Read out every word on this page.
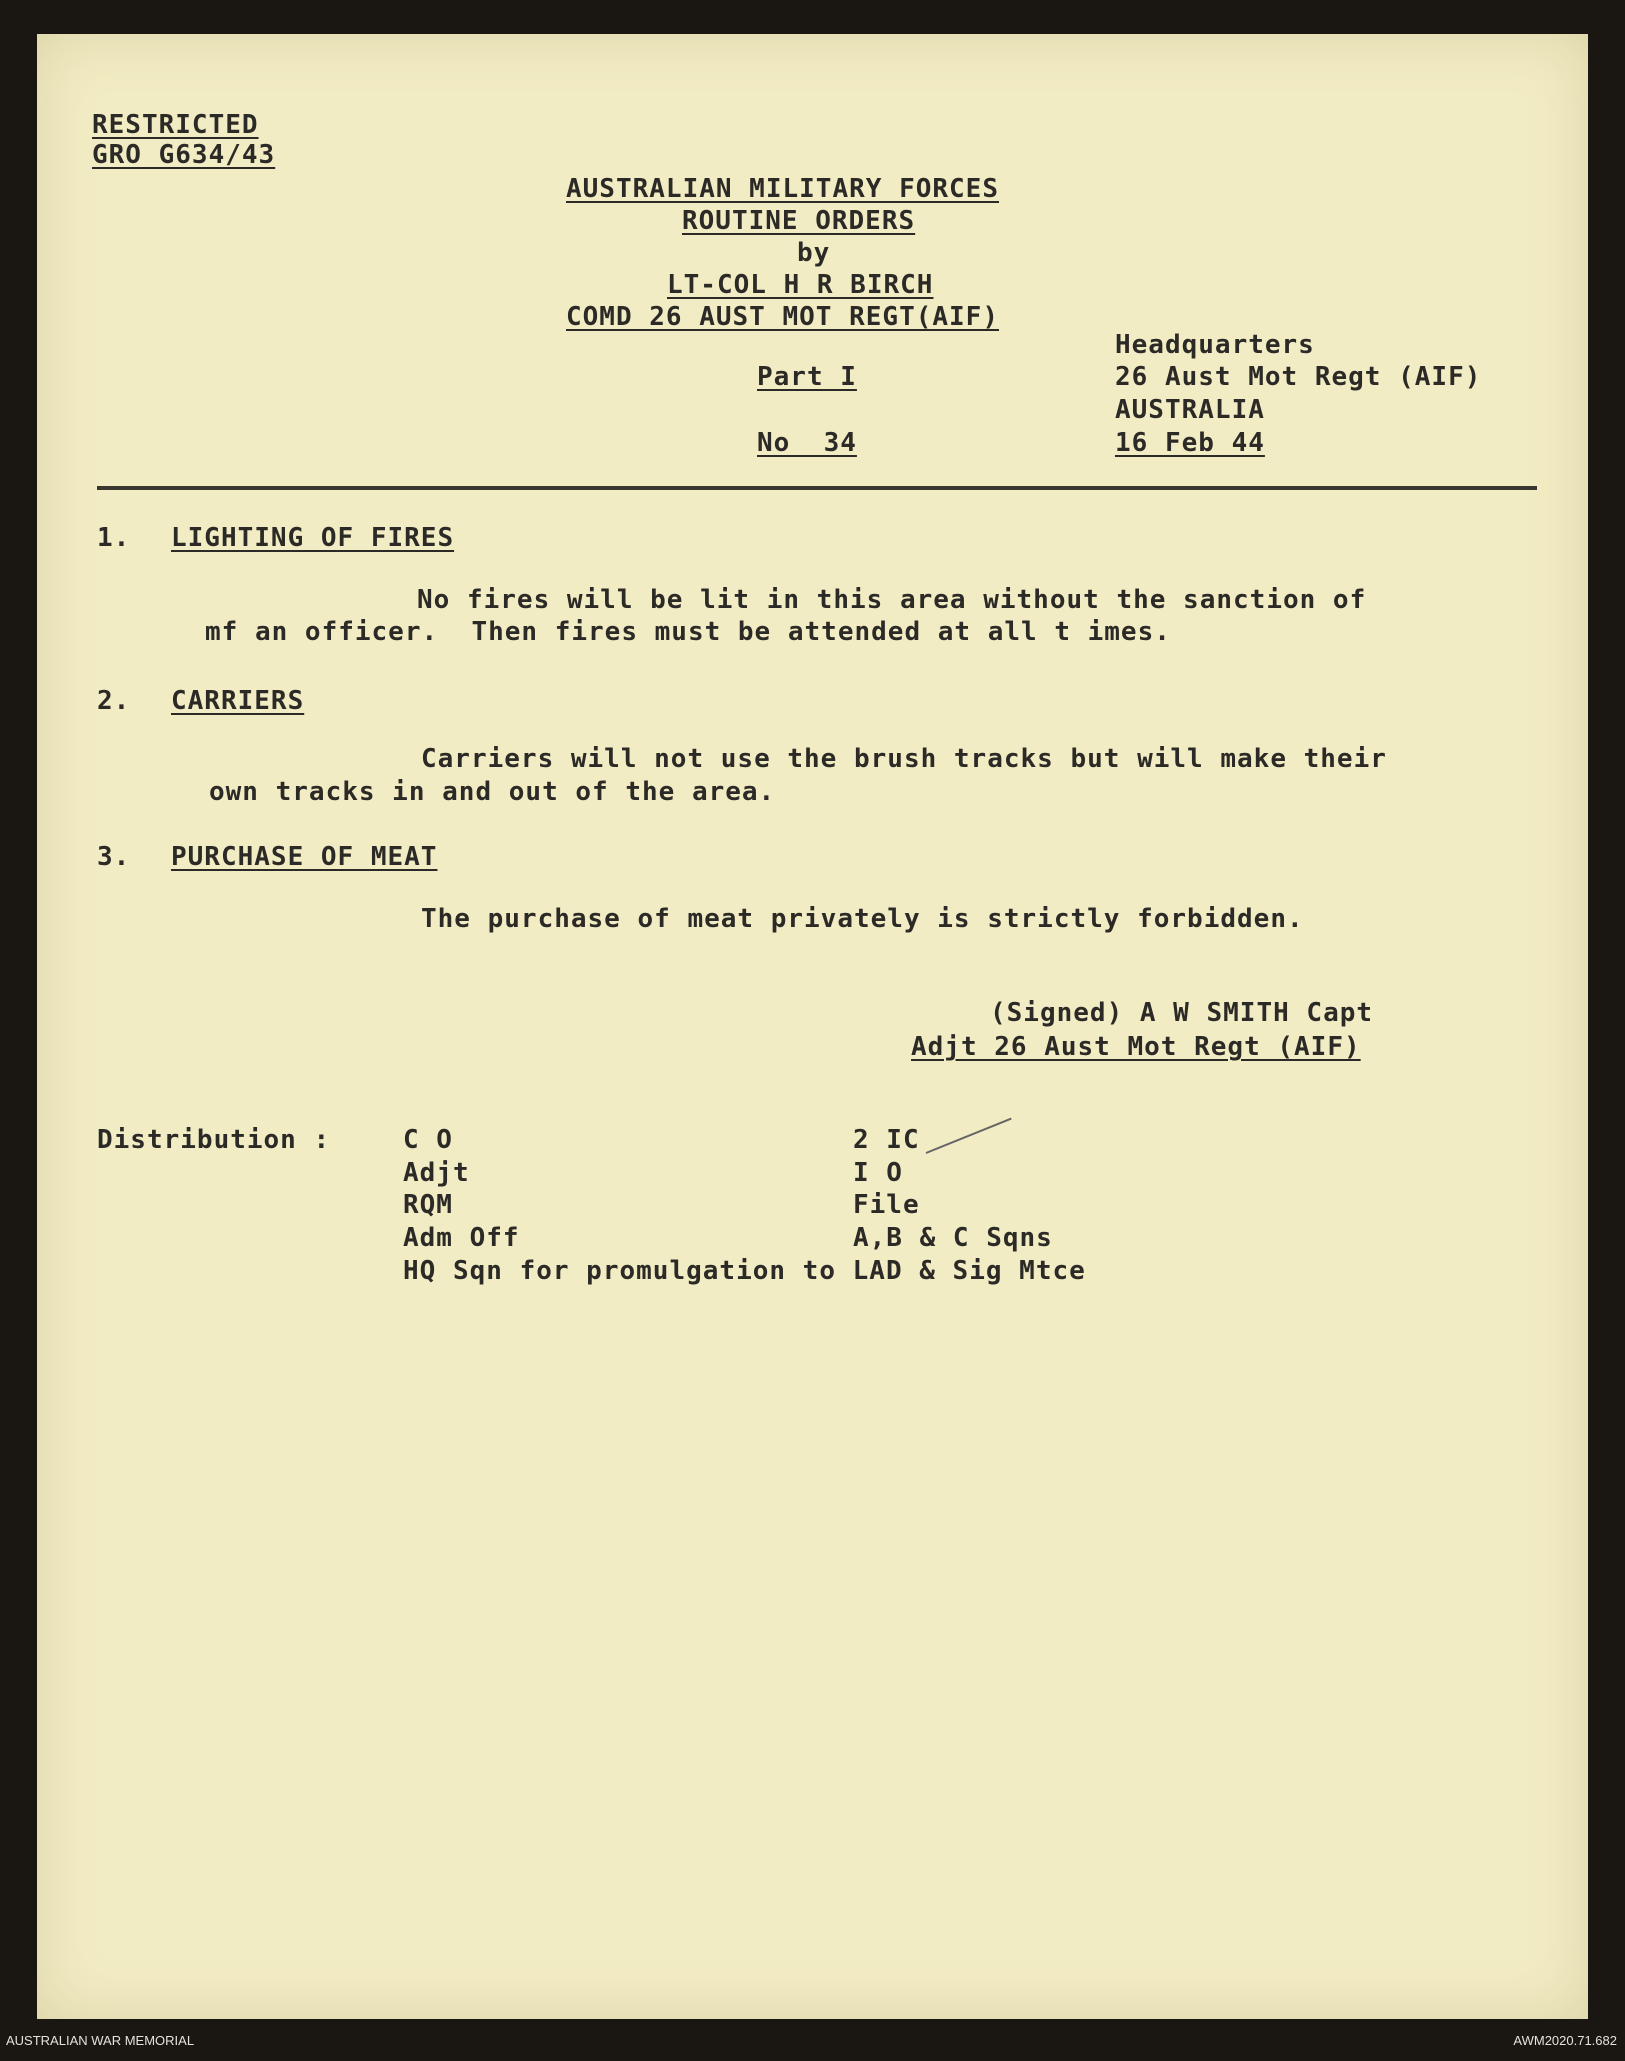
RESTRICTED
GRO G634/43
AUSTRALIAN MILITARY FORCES
ROUTINE ORDERS
by
LT-COL H R BIRCH
COMD 26 AUST MOT REGT(AIF)
Part I
No  34
Headquarters
26 Aust Mot Regt (AIF)
AUSTRALIA
16 Feb 44
1. LIGHTING OF FIRES
No fires will be lit in this area without the sanction of
mf an officer.  Then fires must be attended at all t imes.
2. CARRIERS
Carriers will not use the brush tracks but will make their
own tracks in and out of the area.
3. PURCHASE OF MEAT
The purchase of meat privately is strictly forbidden.
(Signed) A W SMITH Capt
Adjt 26 Aust Mot Regt (AIF)
Distribution :	C O
Adjt
RQM
Adm Off
2 IC
I O
File
A,B & C Sqns
HQ Sqn for promulgation to LAD & Sig Mtce
AUSTRALIAN WAR MEMORIAL	AWM2020.71.682
